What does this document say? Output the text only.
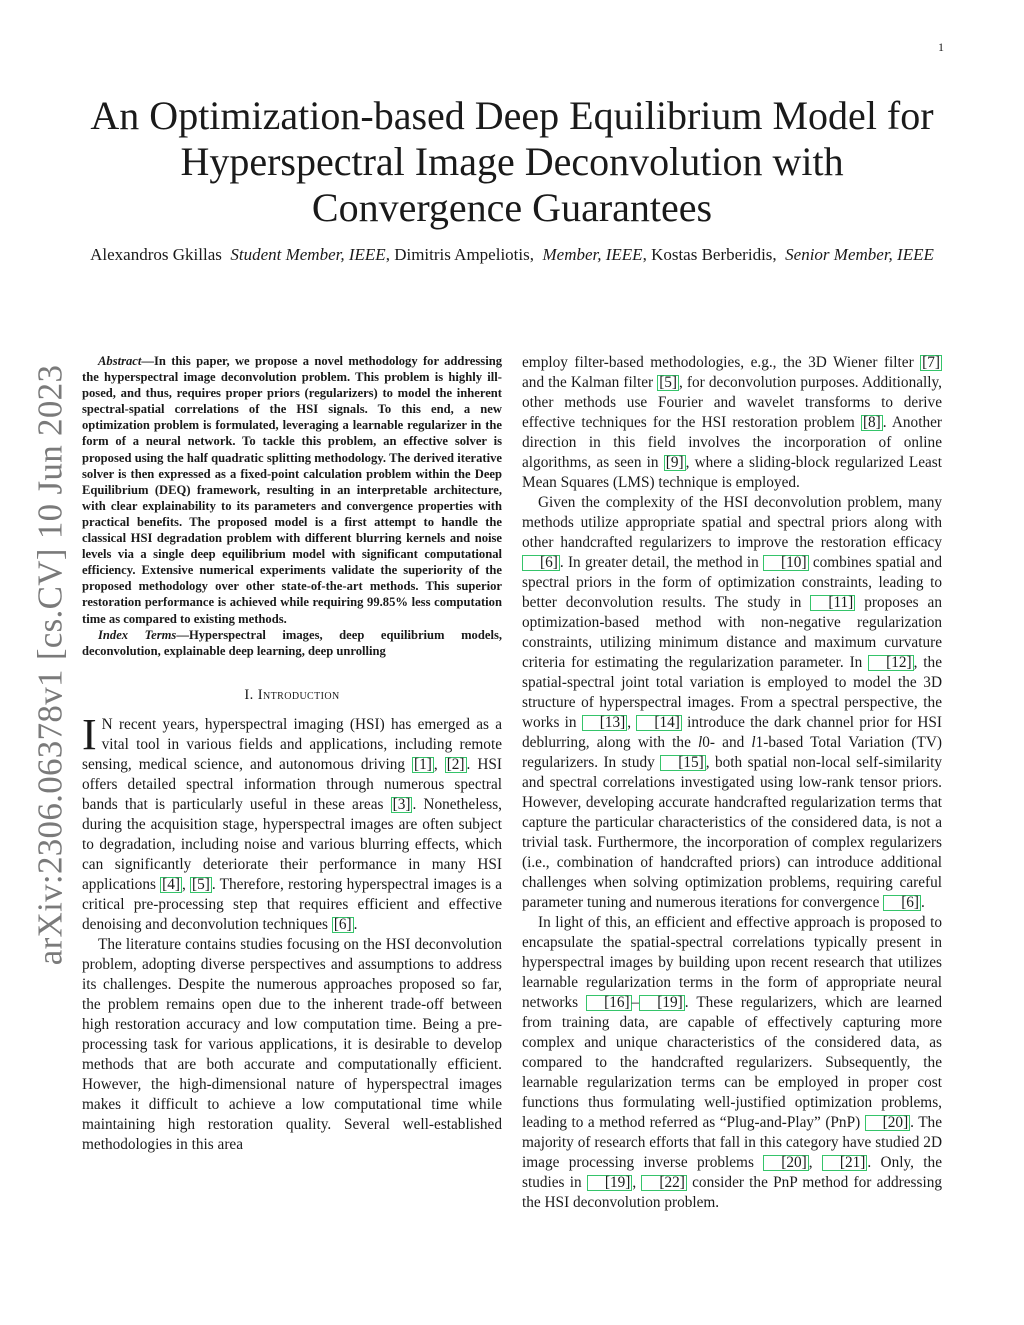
1
arXiv:2306.06378v1 [cs.CV] 10 Jun 2023
An Optimization-based Deep Equilibrium Model for
Hyperspectral Image Deconvolution with
Convergence Guarantees
Alexandros Gkillas Student Member, IEEE, Dimitris Ampeliotis, Member, IEEE, Kostas Berberidis, Senior Member, IEEE

Abstract—In this paper, we propose a novel methodology for addressing the hyperspectral image deconvolution problem. This problem is highly ill-posed, and thus, requires proper priors (regularizers) to model the inherent spectral-spatial correlations of the HSI signals. To this end, a new optimization problem is formulated, leveraging a learnable regularizer in the form of a neural network. To tackle this problem, an effective solver is proposed using the half quadratic splitting methodology. The derived iterative solver is then expressed as a fixed-point calculation problem within the Deep Equilibrium (DEQ) framework, resulting in an interpretable architecture, with clear explainability to its parameters and convergence properties with practical benefits. The proposed model is a first attempt to handle the classical HSI degradation problem with different blurring kernels and noise levels via a single deep equilibrium model with significant computational efficiency. Extensive numerical experiments validate the superiority of the proposed methodology over other state-of-the-art methods. This superior restoration performance is achieved while requiring 99.85% less computation time as compared to existing methods.

Index Terms—Hyperspectral images, deep equilibrium models, deconvolution, explainable deep learning, deep unrolling

I. Introduction

I N recent years, hyperspectral imaging (HSI) has emerged as a vital tool in various fields and applications, including remote sensing, medical science, and autonomous driving [1] , [2] . HSI offers detailed spectral information through numerous spectral bands that is particularly useful in these areas [3] . Nonetheless, during the acquisition stage, hyperspectral images are often subject to degradation, including noise and various blurring effects, which can significantly deteriorate their performance in many HSI applications [4] , [5] . Therefore, restoring hyperspectral images is a critical pre-processing step that requires efficient and effective denoising and deconvolution techniques [6] .

The literature contains studies focusing on the HSI deconvolution problem, adopting diverse perspectives and assumptions to address its challenges. Despite the numerous approaches proposed so far, the problem remains open due to the inherent trade-off between high restoration accuracy and low computation time. Being a pre-processing task for various applications, it is desirable to develop methods that are both accurate and computationally efficient. However, the high-dimensional nature of hyperspectral images makes it difficult to achieve a low computational time while maintaining high restoration quality. Several well-established methodologies in this area

employ filter-based methodologies, e.g., the 3D Wiener filter [7] and the Kalman filter [5] , for deconvolution purposes. Additionally, other methods use Fourier and wavelet transforms to derive effective techniques for the HSI restoration problem [8] . Another direction in this field involves the incorporation of online algorithms, as seen in [9] , where a sliding-block regularized Least Mean Squares (LMS) technique is employed.

Given the complexity of the HSI deconvolution problem, many methods utilize appropriate spatial and spectral priors along with other handcrafted regularizers to improve the restoration efficacy [6] . In greater detail, the method in [10] combines spatial and spectral priors in the form of optimization constraints, leading to better deconvolution results. The study in [11] proposes an optimization-based method with non-negative regularization constraints, utilizing minimum distance and maximum curvature criteria for estimating the regularization parameter. In [12] , the spatial-spectral joint total variation is employed to model the 3D structure of hyperspectral images. From a spectral perspective, the works in [13] , [14] introduce the dark channel prior for HSI deblurring, along with the l0- and l1-based Total Variation (TV) regularizers. In study [15] , both spatial non-local self-similarity and spectral correlations investigated using low-rank tensor priors. However, developing accurate handcrafted regularization terms that capture the particular characteristics of the considered data, is not a trivial task. Furthermore, the incorporation of complex regularizers (i.e., combination of handcrafted priors) can introduce additional challenges when solving optimization problems, requiring careful parameter tuning and numerous iterations for convergence [6] .

In light of this, an efficient and effective approach is proposed to encapsulate the spatial-spectral correlations typically present in hyperspectral images by building upon recent research that utilizes learnable regularization terms in the form of appropriate neural networks [16] – [19] . These regularizers, which are learned from training data, are capable of effectively capturing more complex and unique characteristics of the considered data, as compared to the handcrafted regularizers. Subsequently, the learnable regularization terms can be employed in proper cost functions thus formulating well-justified optimization problems, leading to a method referred as “Plug-and-Play” (PnP) [20] . The majority of research efforts that fall in this category have studied 2D image processing inverse problems [20] , [21] . Only, the studies in [19] , [22] consider the PnP method for addressing the HSI deconvolution problem.
